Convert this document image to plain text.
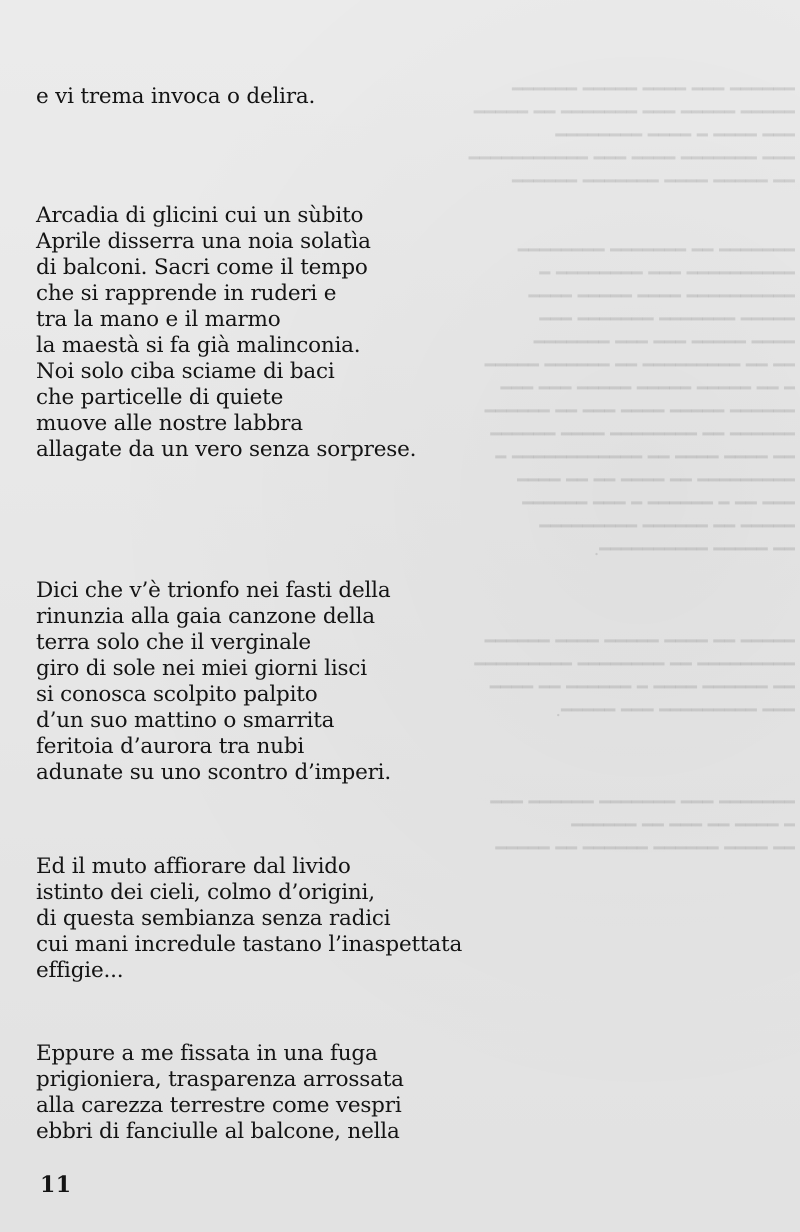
━━━━━━ ━━━ ━━━━ ━━━━━ ━━━━━━
━━━━━ ━━━━━ ━━━ ━━━━━━━ ━━ ━━━━━
━━━ ━━━━ ━ ━━━━ ━━━━━━━━
━━━ ━━━━━━━ ━━━━ ━━━ ━━━━━━━━━━━
━━ ━━━━━ ━━━━ ━━━━━━━ ━━━━━━

━━━━━━━ ━━ ━━━━━━━ ━━━━━━━━
━━━━━━━━━━ ━━━ ━━━━━━━━ ━
━━━━━━━━━━ ━━━━ ━━━━━ ━━━━
━━━━━ ━━━━━━━ ━━━━━━━ ━━━
━━━━ ━━━━━ ━━━ ━━━ ━━━━━━━
━━ ━━ ━━━━━━━━━ ━━ ━━━━━━ ━━━━━
━ ━━ ━━━━━ ━━━━━ ━━━━━ ━━━ ━━━
━━━━━━ ━━━━━ ━━━━ ━━━ ━━ ━━━━━━
━━━━━━ ━━ ━━━━━━━━ ━━━━ ━━━━━━
━━ ━━━━ ━━━━ ━━ ━━━━━━━━━━━━ ━
━━━━━━━━━ ━━ ━━━━ ━━ ━━ ━━━━
━━━ ━━ ━ ━━━━━━ ━ ━━━ ━━━━━━
━━━━━ ━━ ━━━━━━ ━━━━━━━━━
━━ ━━━━━ ━━━━━━━━━━.

━━━━━ ━━ ━━━━ ━━━━━ ━━━━ ━━━━━━
━━━━━━━━━ ━━ ━━━━━━━━ ━━━━━━━━━
━━ ━━━━━━ ━━━━ ━ ━━━━━━ ━━ ━━━━
━━━ ━━━━━━━━━ ━━━ ━━━━━.

━━━━━━━ ━━━ ━━━━━━━ ━━━━━━ ━━━
━ ━━━━ ━━ ━━━ ━━ ━━━━━━
━━ ━━━━ ━━━━━━ ━━━━━━ ━━ ━━━━━
e vi trema invoca o delira.
Arcadia di glicini cui un sùbito
Aprile disserra una noia solatìa
di balconi. Sacri come il tempo
che si rapprende in ruderi e
tra la mano e il marmo
la maestà si fa già malinconia.
Noi solo ciba sciame di baci
che particelle di quiete
muove alle nostre labbra
allagate da un vero senza sorprese.
Dici che v’è trionfo nei fasti della
rinunzia alla gaia canzone della
terra solo che il verginale
giro di sole nei miei giorni lisci
si conosca scolpito palpito
d’un suo mattino o smarrita
feritoia d’aurora tra nubi
adunate su uno scontro d’imperi.
Ed il muto affiorare dal livido
istinto dei cieli, colmo d’origini,
di questa sembianza senza radici
cui mani incredule tastano l’inaspettata
effigie...
Eppure a me fissata in una fuga
prigioniera, trasparenza arrossata
alla carezza terrestre come vespri
ebbri di fanciulle al balcone, nella
11
